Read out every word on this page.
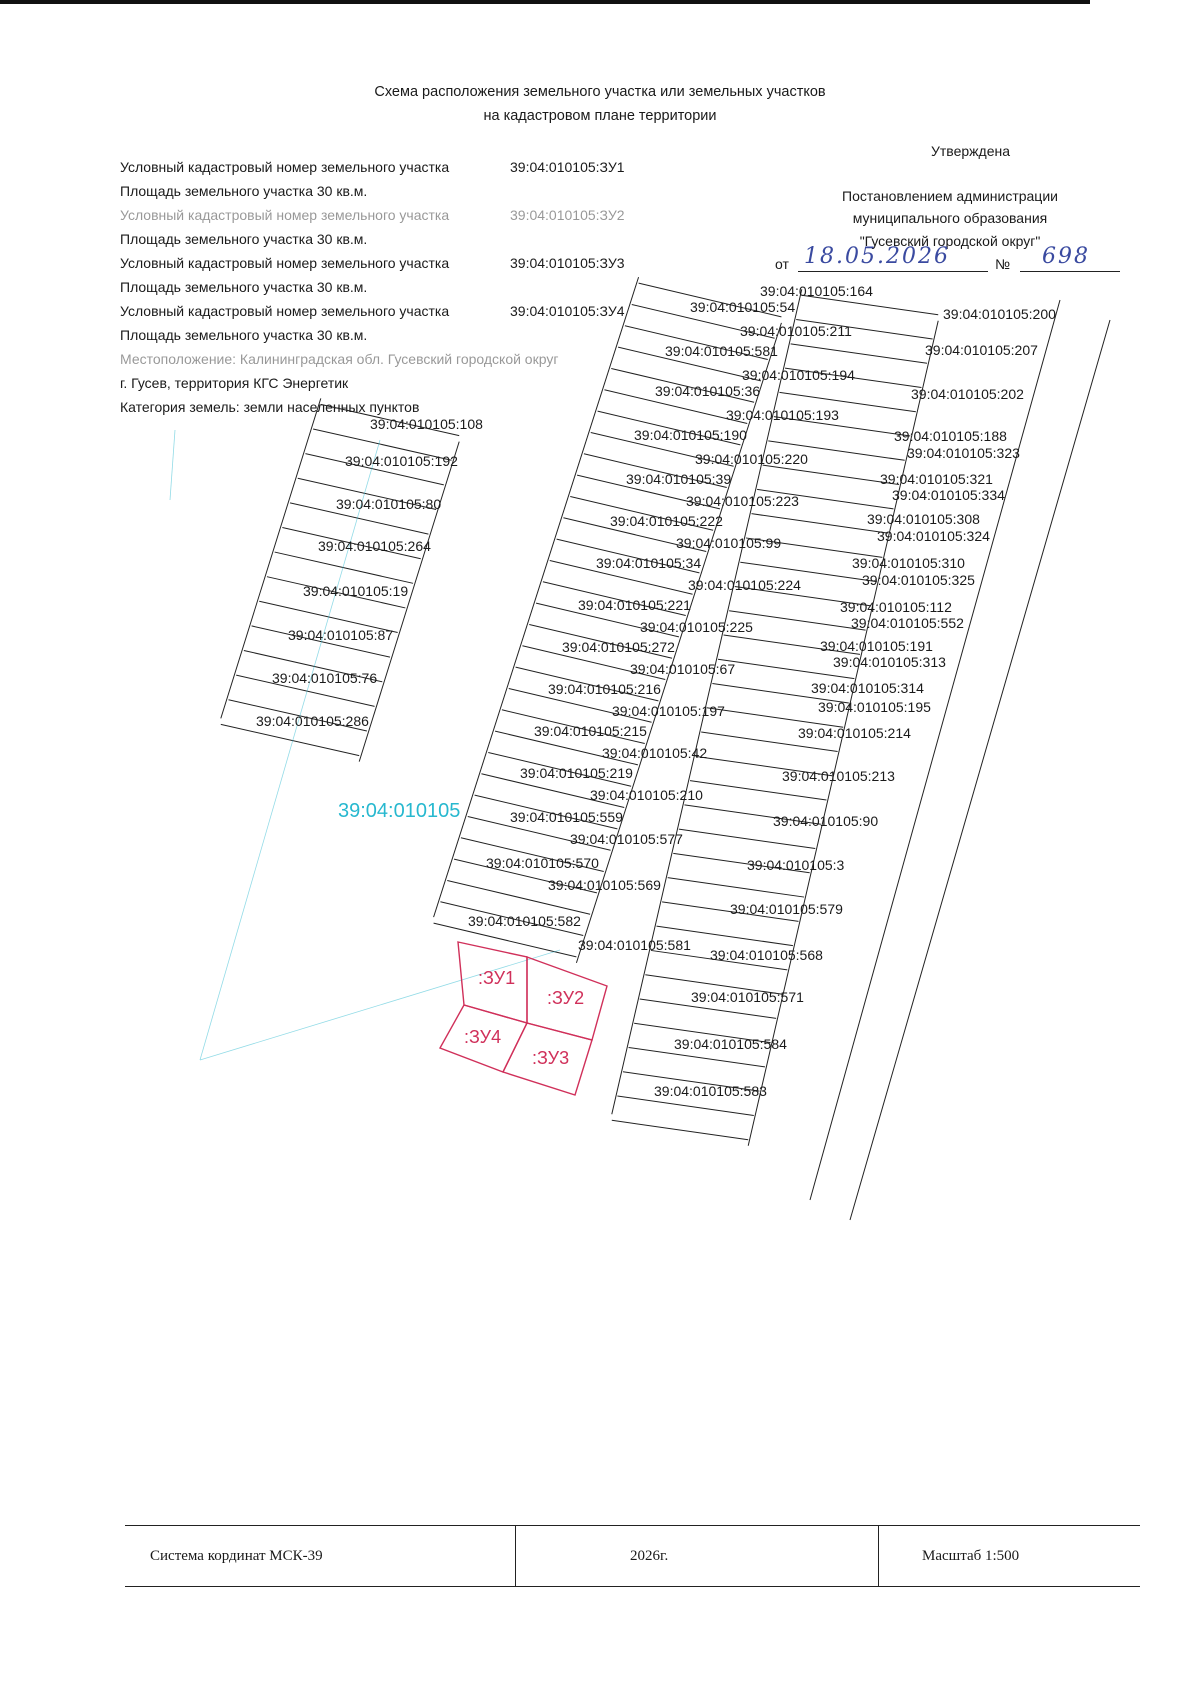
Схема расположения земельного участка или земельных участков
на кадастровом плане территории
Условный кадастровый номер земельного участка	39:04:010105:ЗУ1
Площадь земельного участка 30 кв.м.
Условный кадастровый номер земельного участка	39:04:010105:ЗУ2
Площадь земельного участка 30 кв.м.
Условный кадастровый номер земельного участка	39:04:010105:ЗУ3
Площадь земельного участка 30 кв.м.
Условный кадастровый номер земельного участка	39:04:010105:ЗУ4
Площадь земельного участка 30 кв.м.
Местоположение: Калининградская обл. Гусевский городской округ
г. Гусев, территория КГС Энергетик
Категория земель: земли населенных пунктов
Утверждена
Постановлением администрации
муниципального образования
"Гусевский городской округ"
от 18.05.2026	№ 698
39:04:010105:164
39:04:010105:54
39:04:010105:211
39:04:010105:581
39:04:010105:194
39:04:010105:36
39:04:010105:193
39:04:010105:190
39:04:010105:220
39:04:010105:39
39:04:010105:223
39:04:010105:222
39:04:010105:99
39:04:010105:34
39:04:010105:224
39:04:010105:221
39:04:010105:225
39:04:010105:272
39:04:010105:67
39:04:010105:216
39:04:010105:197
39:04:010105:215
39:04:010105:42
39:04:010105:219
39:04:010105:210
39:04:010105:559
39:04:010105:577
39:04:010105:570
39:04:010105:569
39:04:010105:582
39:04:010105:581
39:04:010105:108
39:04:010105:192
39:04:010105:80
39:04:010105:264
39:04:010105:19
39:04:010105:87
39:04:010105:76
39:04:010105:286
39:04:010105:200
39:04:010105:207
39:04:010105:202
39:04:010105:188
39:04:010105:323
39:04:010105:321
39:04:010105:334
39:04:010105:308
39:04:010105:324
39:04:010105:310
39:04:010105:325
39:04:010105:112
39:04:010105:552
39:04:010105:191
39:04:010105:313
39:04:010105:314
39:04:010105:195
39:04:010105:214
39:04:010105:213
39:04:010105:90
39:04:010105:3
39:04:010105:579
39:04:010105:568
39:04:010105:571
39:04:010105:584
39:04:010105:583
:ЗУ1
:ЗУ2
:ЗУ3
:ЗУ4
39:04:010105
Система кординат МСК-39	2026г.	Масштаб 1:500
